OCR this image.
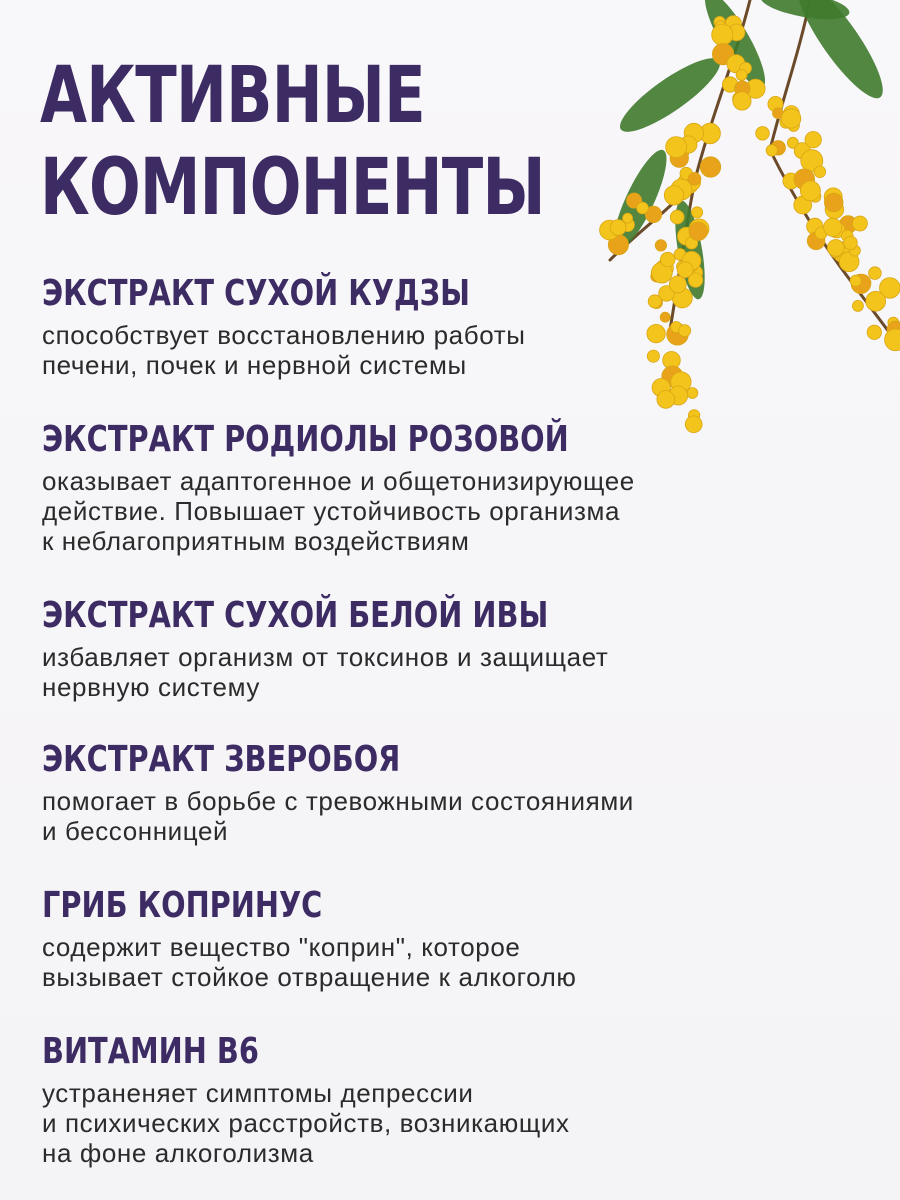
АКТИВНЫЕ
КОМПОНЕНТЫ
ЭКСТРАКТ СУХОЙ КУДЗЫ

способствует восстановлению работы
печени, почек и нервной системы

ЭКСТРАКТ РОДИОЛЫ РОЗОВОЙ

оказывает адаптогенное и общетонизирующее
действие. Повышает устойчивость организма
к неблагоприятным воздействиям

ЭКСТРАКТ СУХОЙ БЕЛОЙ ИВЫ

избавляет организм от токсинов и защищает
нервную систему

ЭКСТРАКТ ЗВЕРОБОЯ

помогает в борьбе с тревожными состояниями
и бессонницей

ГРИБ КОПРИНУС

содержит вещество "коприн", которое
вызывает стойкое отвращение к алкоголю

ВИТАМИН В6

устраненяет симптомы депрессии
и психических расстройств, возникающих
на фоне алкоголизма
